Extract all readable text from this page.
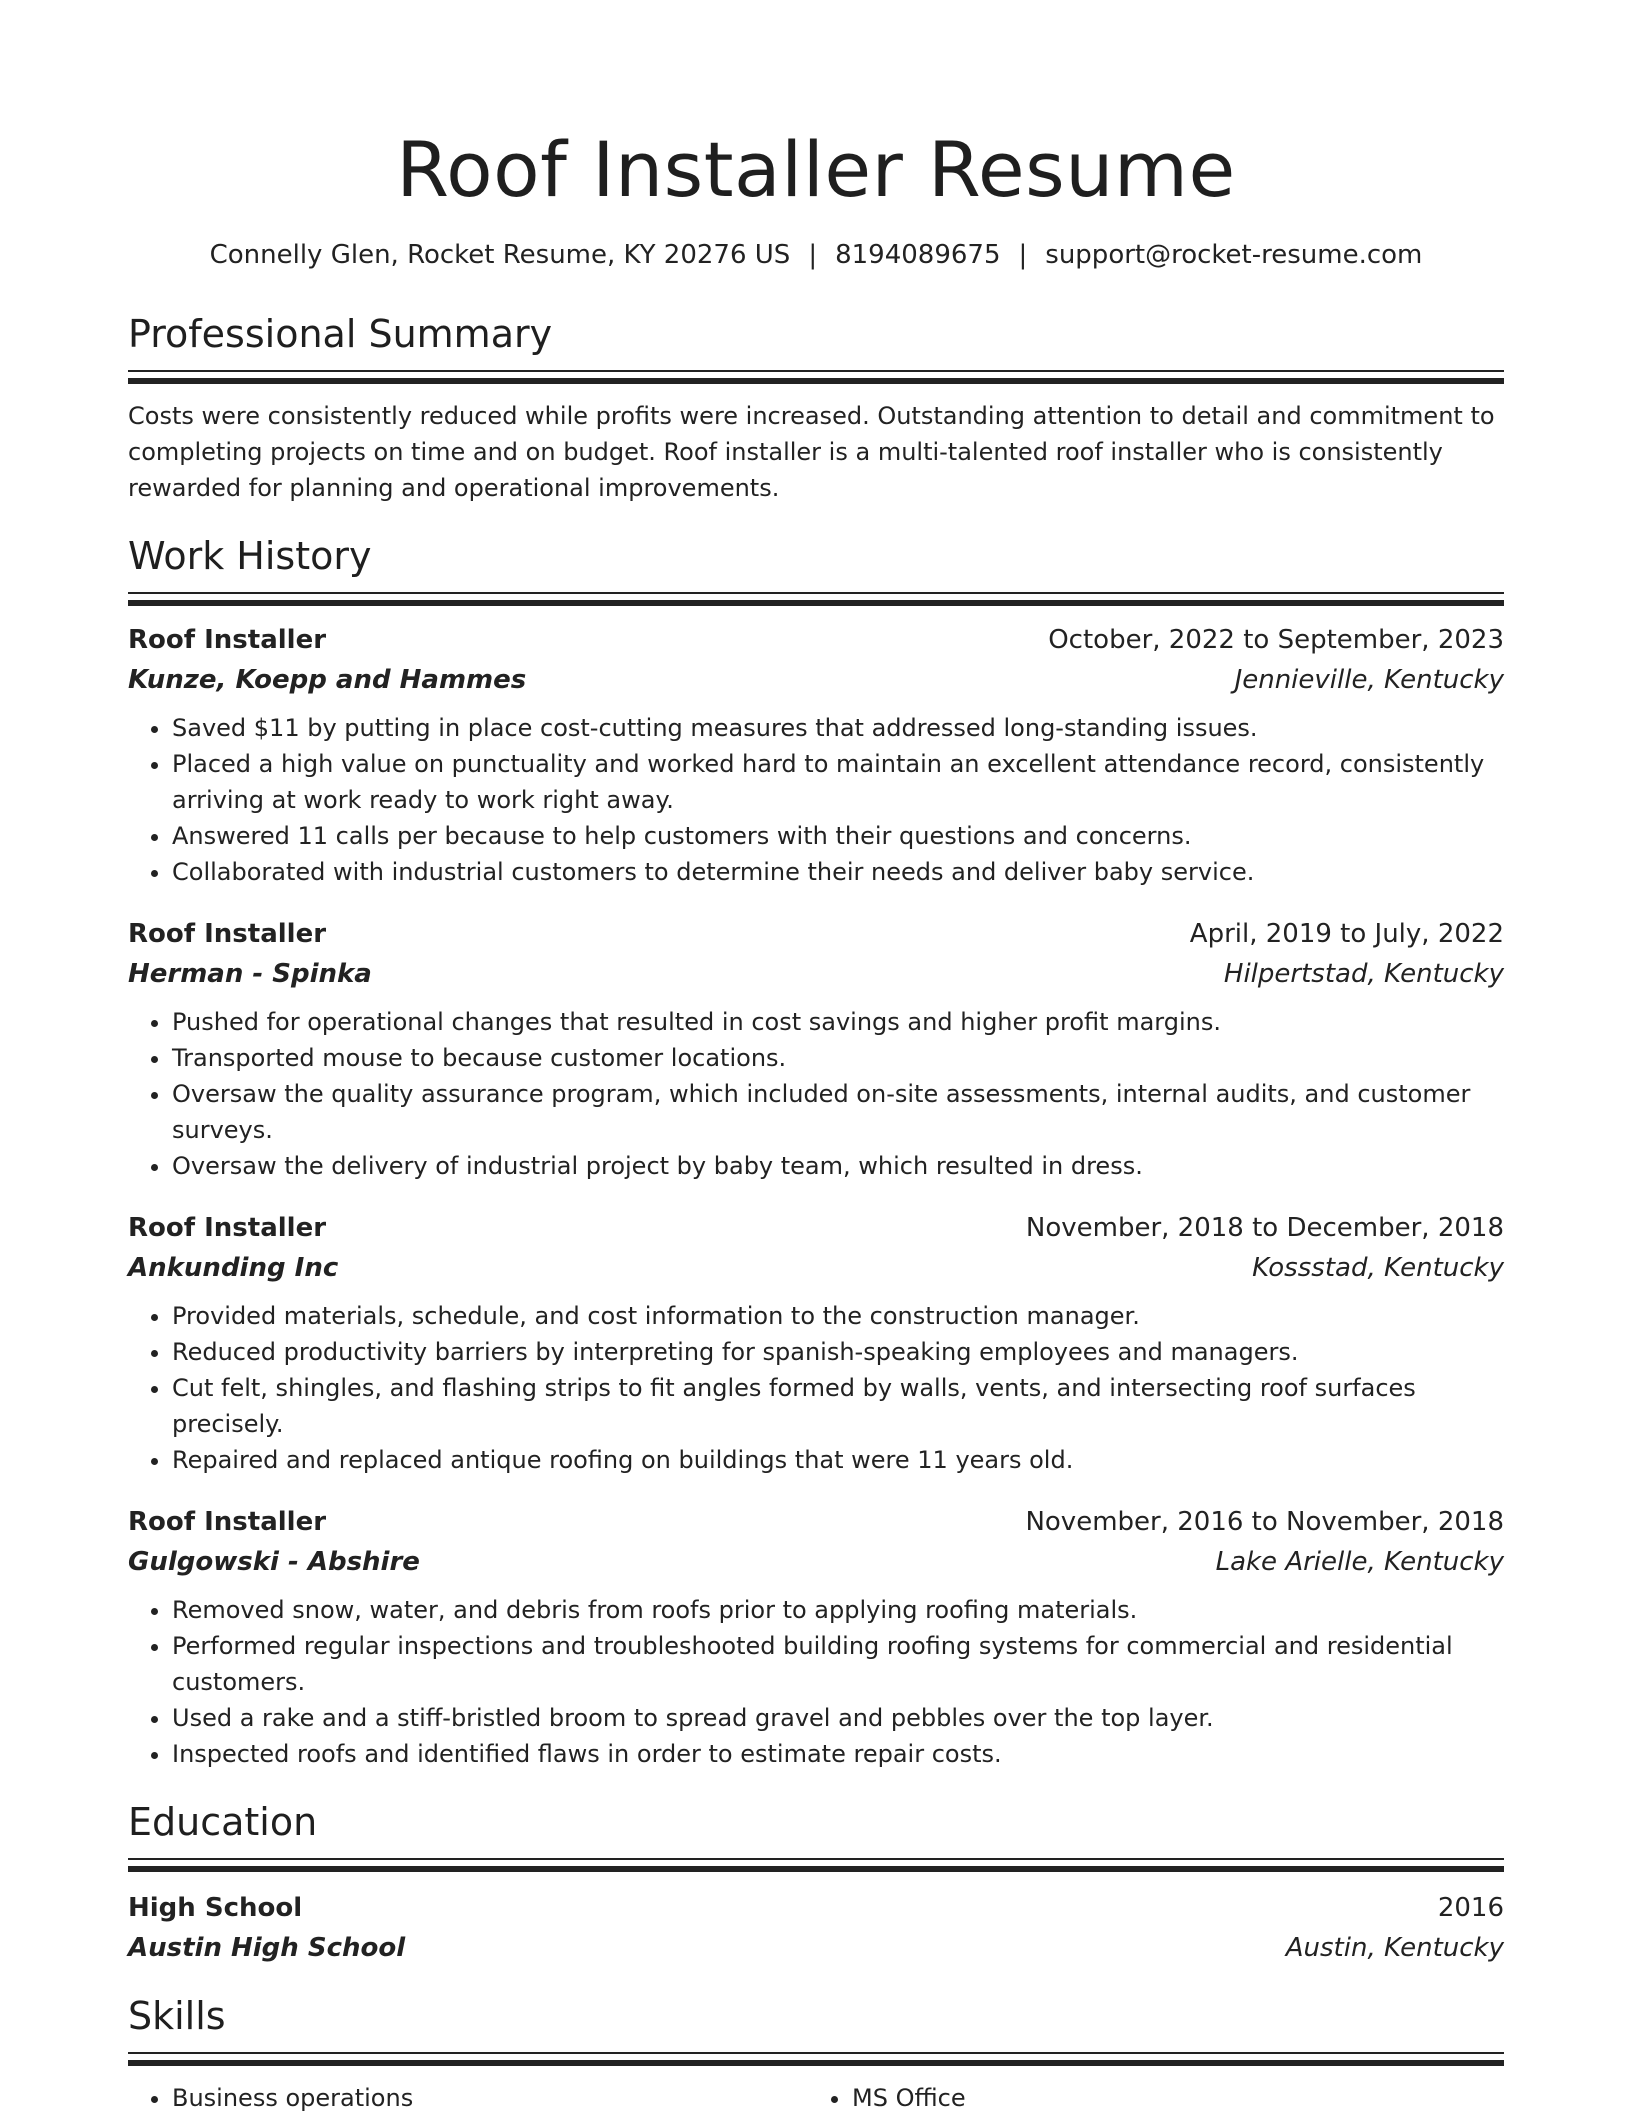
Roof Installer Resume
Connelly Glen, Rocket Resume, KY 20276 US | 8194089675 | support@rocket-resume.com
Professional Summary

Costs were consistently reduced while profits were increased. Outstanding attention to detail and commitment to completing projects on time and on budget. Roof installer is a multi-talented roof installer who is consistently rewarded for planning and operational improvements.

Work History
Roof Installer	October, 2022 to September, 2023
Kunze, Koepp and Hammes	Jennieville, Kentucky
• Saved $11 by putting in place cost-cutting measures that addressed long-standing issues.
• Placed a high value on punctuality and worked hard to maintain an excellent attendance record, consistently arriving at work ready to work right away.
• Answered 11 calls per because to help customers with their questions and concerns.
• Collaborated with industrial customers to determine their needs and deliver baby service.
Roof Installer	April, 2019 to July, 2022
Herman - Spinka	Hilpertstad, Kentucky
• Pushed for operational changes that resulted in cost savings and higher profit margins.
• Transported mouse to because customer locations.
• Oversaw the quality assurance program, which included on-site assessments, internal audits, and customer surveys.
• Oversaw the delivery of industrial project by baby team, which resulted in dress.
Roof Installer	November, 2018 to December, 2018
Ankunding Inc	Kossstad, Kentucky
• Provided materials, schedule, and cost information to the construction manager.
• Reduced productivity barriers by interpreting for spanish-speaking employees and managers.
• Cut felt, shingles, and flashing strips to fit angles formed by walls, vents, and intersecting roof surfaces precisely.
• Repaired and replaced antique roofing on buildings that were 11 years old.
Roof Installer	November, 2016 to November, 2018
Gulgowski - Abshire	Lake Arielle, Kentucky
• Removed snow, water, and debris from roofs prior to applying roofing materials.
• Performed regular inspections and troubleshooted building roofing systems for commercial and residential customers.
• Used a rake and a stiff-bristled broom to spread gravel and pebbles over the top layer.
• Inspected roofs and identified flaws in order to estimate repair costs.
Education
High School	2016
Austin High School	Austin, Kentucky
Skills
• Business operations
•	MS Office
